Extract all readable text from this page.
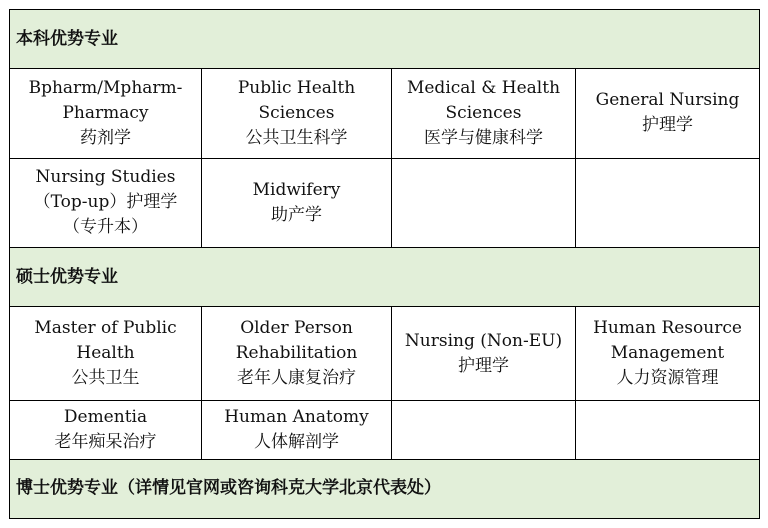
本科优势专业			

Bpharm/Mpharm-
Pharmacy
药剂学	Public Health
Sciences
公共卫生科学	Medical & Health
Sciences
医学与健康科学	General Nursing
护理学

Nursing Studies
（Top-up）护理学
（专升本）	Midwifery
助产学		

硕士优势专业			

Master of Public
Health
公共卫生	Older Person
Rehabilitation
老年人康复治疗	Nursing (Non-EU)
护理学	Human Resource
Management
人力资源管理

Dementia
老年痴呆治疗	Human Anatomy
人体解剖学		

博士优势专业（详情见官网或咨询科克大学北京代表处）			
